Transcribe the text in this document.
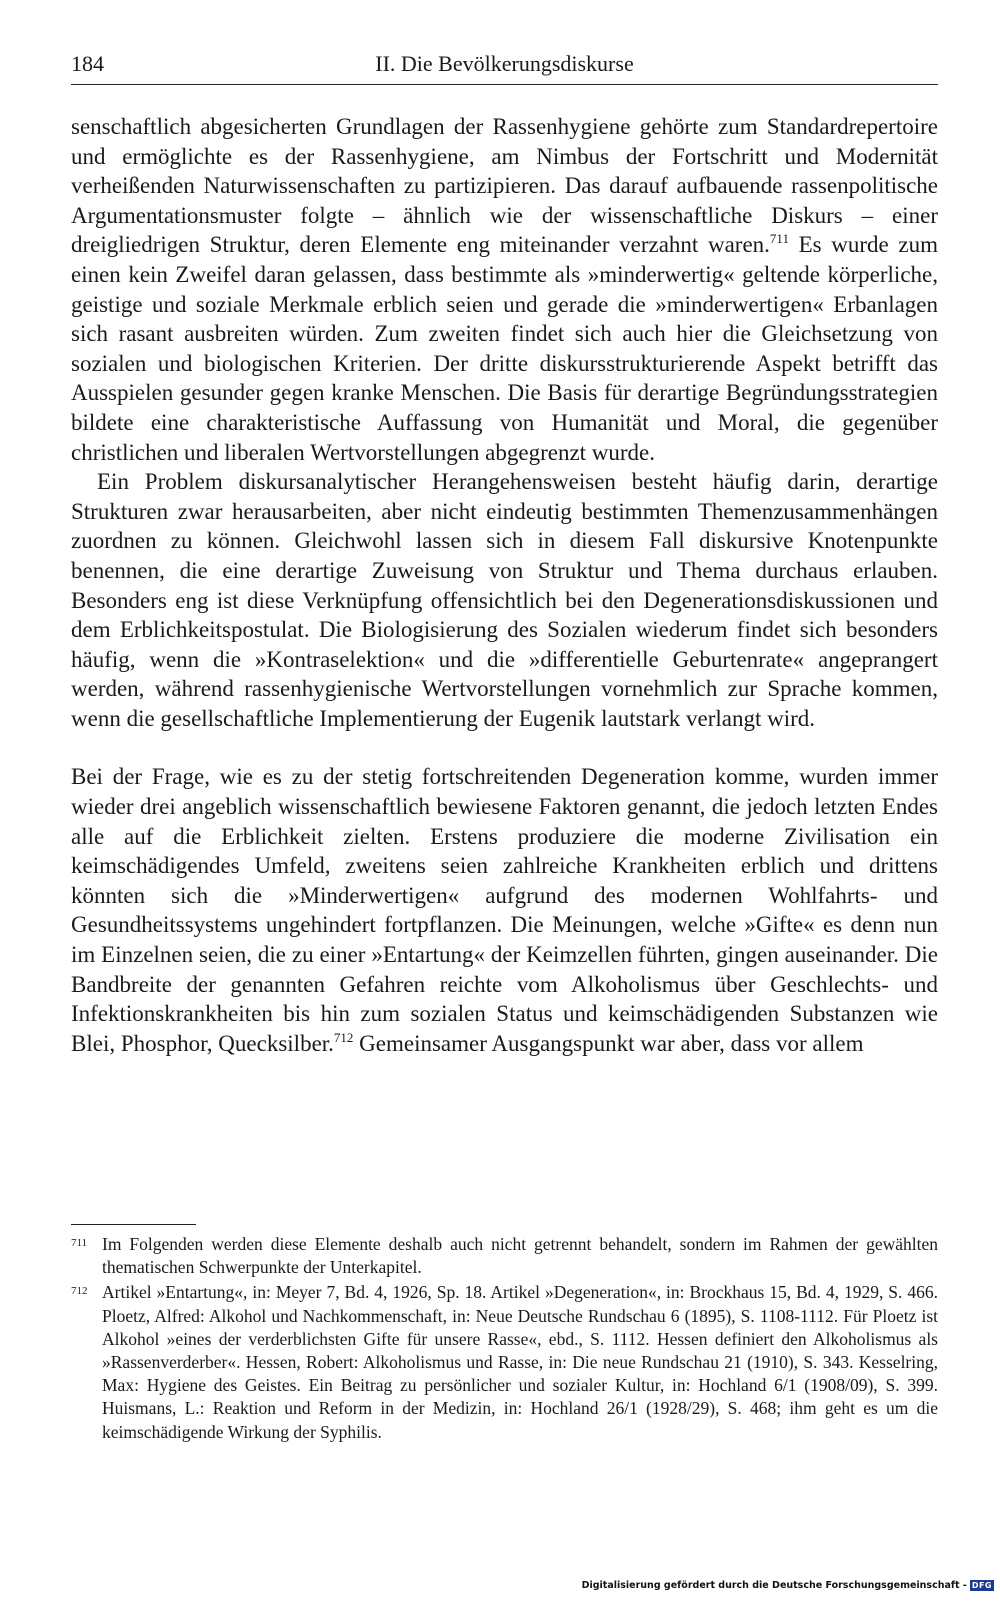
184	II. Die Bevölkerungsdiskurse

senschaftlich abgesicherten Grundlagen der Rassenhygiene gehörte zum Standardrepertoire und ermöglichte es der Rassenhygiene, am Nimbus der Fortschritt und Modernität verheißenden Naturwissenschaften zu partizipieren. Das darauf aufbauende rassenpolitische Argumentationsmuster folgte – ähnlich wie der wissenschaftliche Diskurs – einer dreigliedrigen Struktur, deren Elemente eng miteinander verzahnt waren.$^{711}$ Es wurde zum einen kein Zweifel daran gelassen, dass bestimmte als »minderwertig« geltende körperliche, geistige und soziale Merkmale erblich seien und gerade die »minderwertigen« Erbanlagen sich rasant ausbreiten würden. Zum zweiten findet sich auch hier die Gleichsetzung von sozialen und biologischen Kriterien. Der dritte diskursstrukturierende Aspekt betrifft das Ausspielen gesunder gegen kranke Menschen. Die Basis für derartige Begründungsstrategien bildete eine charakteristische Auffassung von Humanität und Moral, die gegenüber christlichen und liberalen Wertvorstellungen abgegrenzt wurde.

Ein Problem diskursanalytischer Herangehensweisen besteht häufig darin, derartige Strukturen zwar herausarbeiten, aber nicht eindeutig bestimmten Themenzusammenhängen zuordnen zu können. Gleichwohl lassen sich in diesem Fall diskursive Knotenpunkte benennen, die eine derartige Zuweisung von Struktur und Thema durchaus erlauben. Besonders eng ist diese Verknüpfung offensichtlich bei den Degenerationsdiskussionen und dem Erblichkeitspostulat. Die Biologisierung des Sozialen wiederum findet sich besonders häufig, wenn die »Kontraselektion« und die »differentielle Geburtenrate« angeprangert werden, während rassenhygienische Wertvorstellungen vornehmlich zur Sprache kommen, wenn die gesellschaftliche Implementierung der Eugenik lautstark verlangt wird.

Bei der Frage, wie es zu der stetig fortschreitenden Degeneration komme, wurden immer wieder drei angeblich wissenschaftlich bewiesene Faktoren genannt, die jedoch letzten Endes alle auf die Erblichkeit zielten. Erstens produziere die moderne Zivilisation ein keimschädigendes Umfeld, zweitens seien zahlreiche Krankheiten erblich und drittens könnten sich die »Minderwertigen« aufgrund des modernen Wohlfahrts- und Gesundheitssystems ungehindert fortpflanzen. Die Meinungen, welche »Gifte« es denn nun im Einzelnen seien, die zu einer »Entartung« der Keimzellen führten, gingen auseinander. Die Bandbreite der genannten Gefahren reichte vom Alkoholismus über Geschlechts- und Infektionskrankheiten bis hin zum sozialen Status und keimschädigenden Substanzen wie Blei, Phosphor, Quecksilber.$^{712}$ Gemeinsamer Ausgangspunkt war aber, dass vor allem

711 Im Folgenden werden diese Elemente deshalb auch nicht getrennt behandelt, sondern im Rahmen der gewählten thematischen Schwerpunkte der Unterkapitel.

712 Artikel »Entartung«, in: Meyer 7, Bd. 4, 1926, Sp. 18. Artikel »Degeneration«, in: Brockhaus 15, Bd. 4, 1929, S. 466. Ploetz, Alfred: Alkohol und Nachkommenschaft, in: Neue Deutsche Rundschau 6 (1895), S. 1108-1112. Für Ploetz ist Alkohol »eines der verderblichsten Gifte für unsere Rasse«, ebd., S. 1112. Hessen definiert den Alkoholismus als »Rassenverderber«. Hessen, Robert: Alkoholismus und Rasse, in: Die neue Rundschau 21 (1910), S. 343. Kesselring, Max: Hygiene des Geistes. Ein Beitrag zu persönlicher und sozialer Kultur, in: Hochland 6/1 (1908/09), S. 399. Huismans, L.: Reaktion und Reform in der Medizin, in: Hochland 26/1 (1928/29), S. 468; ihm geht es um die keimschädigende Wirkung der Syphilis.

Digitalisierung gefördert durch die Deutsche Forschungsgemeinschaft - DFG
